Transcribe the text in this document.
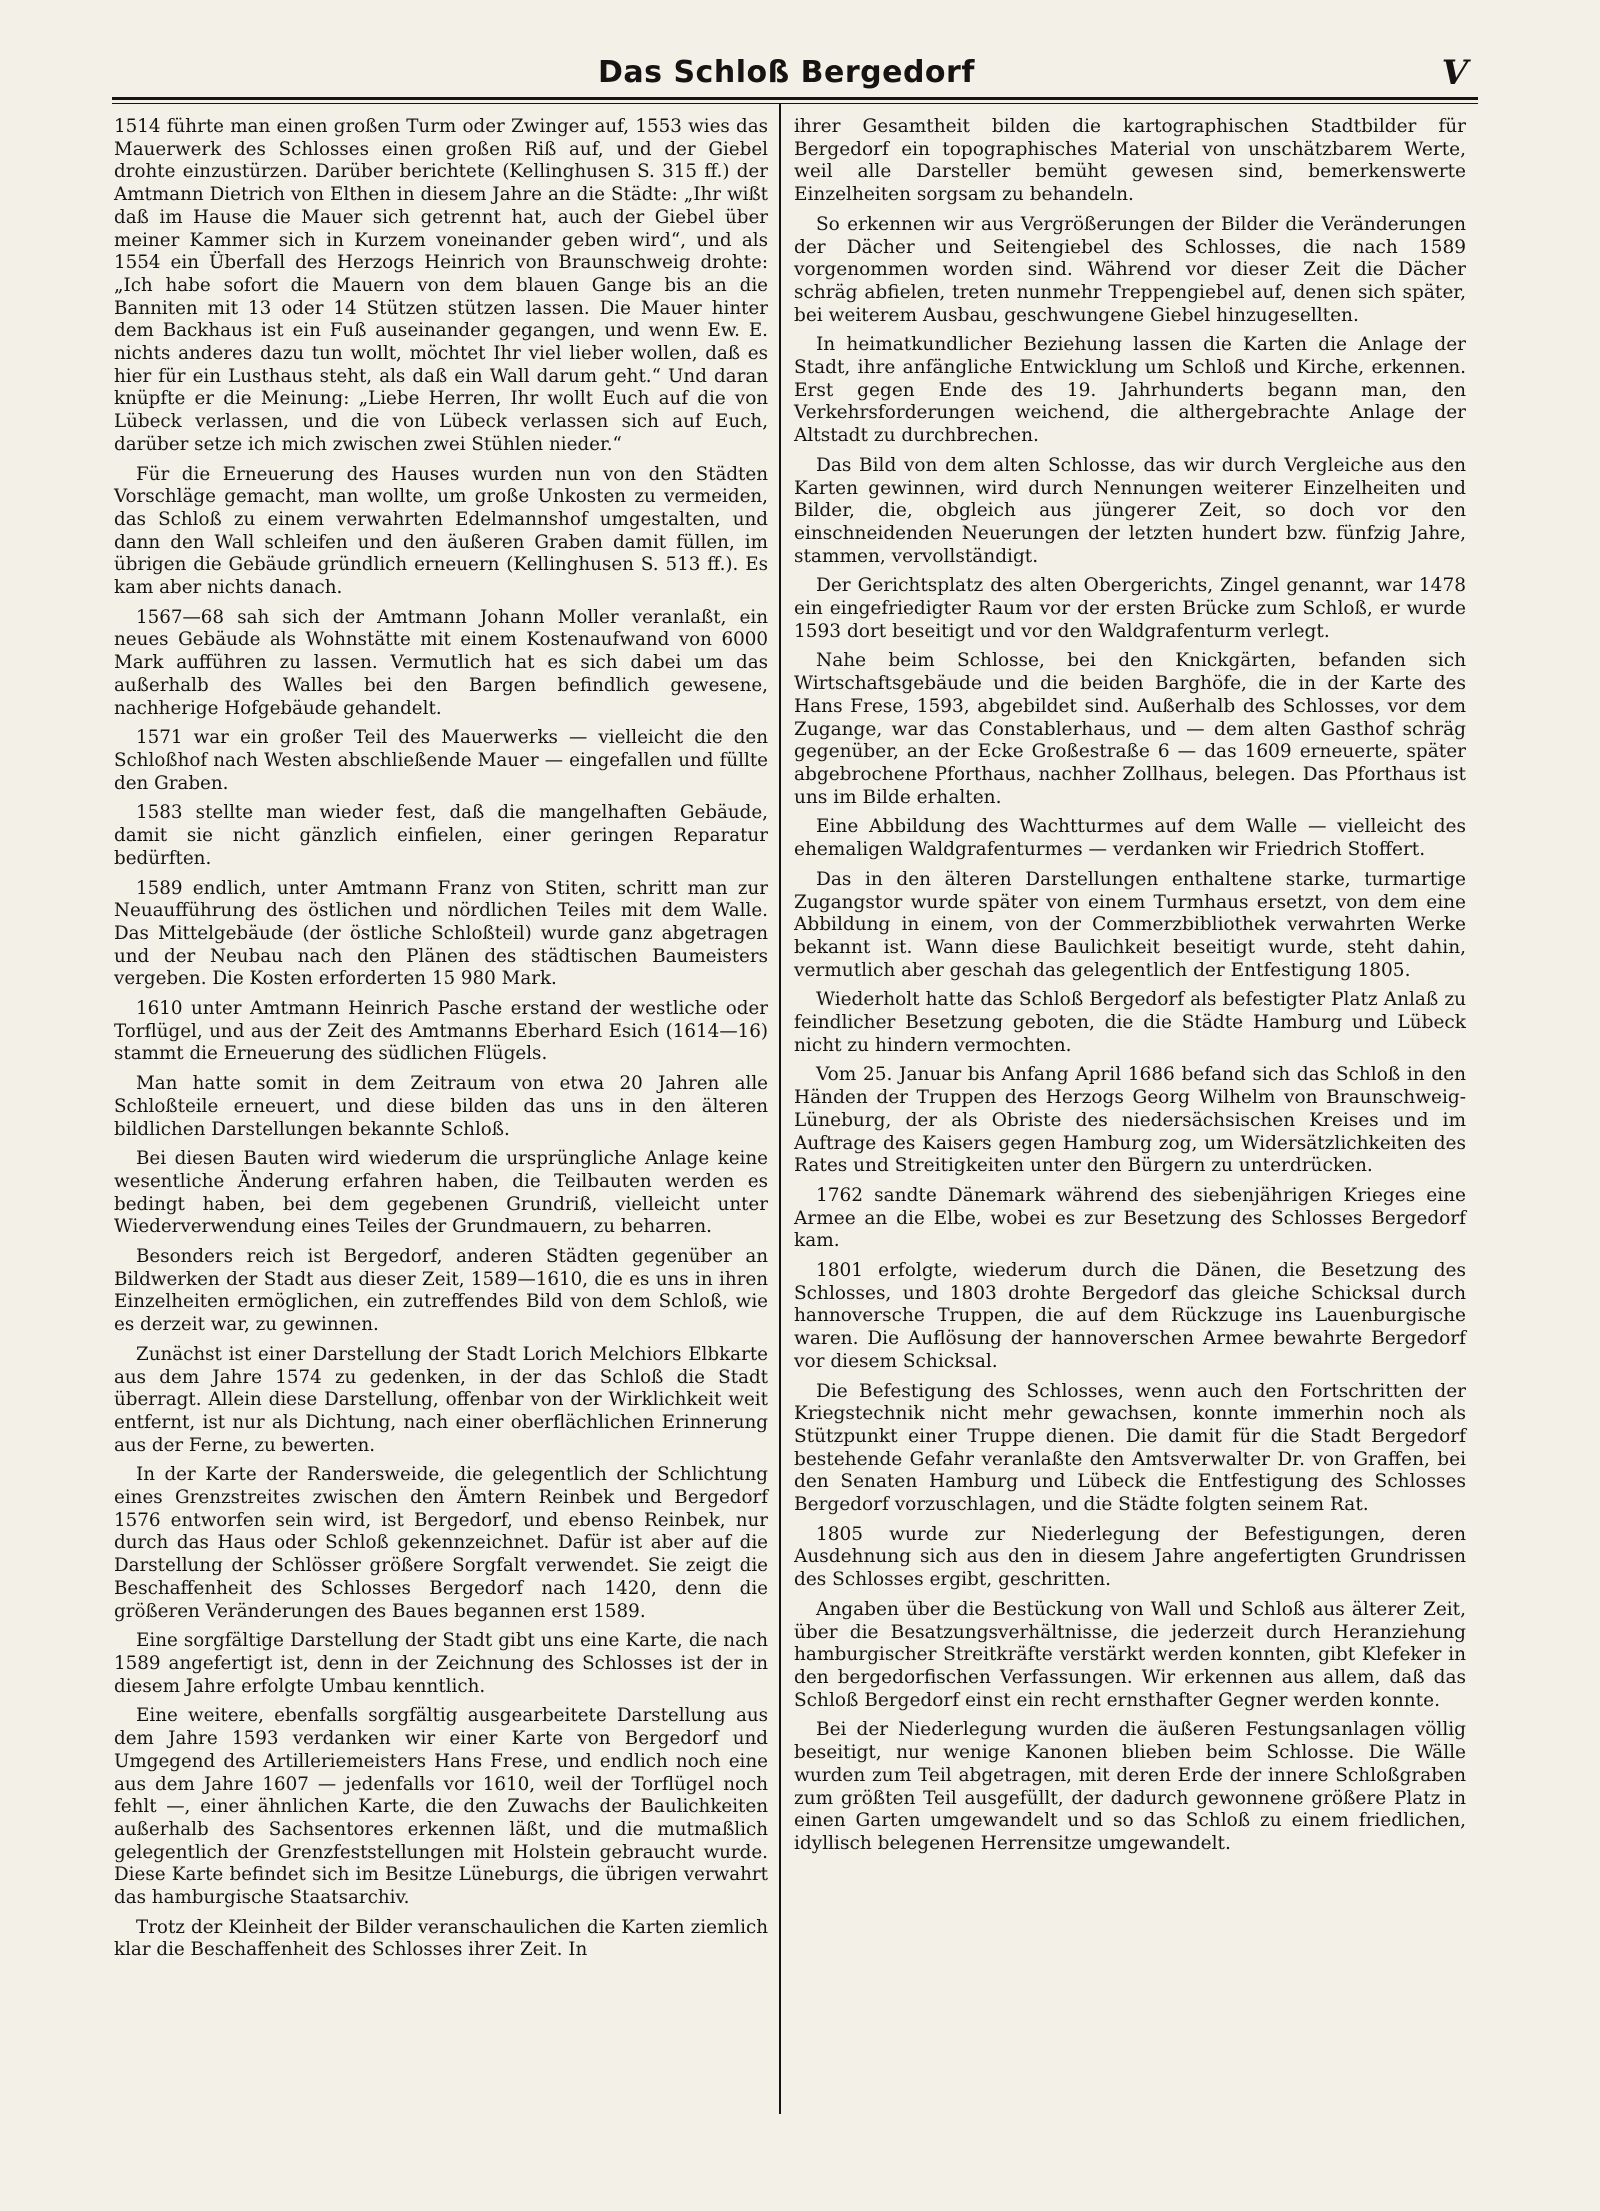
Das Schloß Bergedorf	V

1514 führte man einen großen Turm oder Zwinger auf, 1553 wies das Mauerwerk des Schlosses einen großen Riß auf, und der Giebel drohte einzustürzen. Darüber berichtete (Kellinghusen S. 315 ff.) der Amtmann Dietrich von Elthen in diesem Jahre an die Städte: „Ihr wißt daß im Hause die Mauer sich getrennt hat, auch der Giebel über meiner Kammer sich in Kurzem voneinander geben wird“, und als 1554 ein Überfall des Herzogs Heinrich von Braunschweig drohte: „Ich habe sofort die Mauern von dem blauen Gange bis an die Banniten mit 13 oder 14 Stützen stützen lassen. Die Mauer hinter dem Backhaus ist ein Fuß auseinander gegangen, und wenn Ew. E. nichts anderes dazu tun wollt, möchtet Ihr viel lieber wollen, daß es hier für ein Lusthaus steht, als daß ein Wall darum geht.“ Und daran knüpfte er die Meinung: „Liebe Herren, Ihr wollt Euch auf die von Lübeck verlassen, und die von Lübeck verlassen sich auf Euch, darüber setze ich mich zwischen zwei Stühlen nieder.“

Für die Erneuerung des Hauses wurden nun von den Städten Vorschläge gemacht, man wollte, um große Unkosten zu vermeiden, das Schloß zu einem verwahrten Edelmannshof umgestalten, und dann den Wall schleifen und den äußeren Graben damit füllen, im übrigen die Gebäude gründlich erneuern (Kellinghusen S. 513 ff.). Es kam aber nichts danach.

1567—68 sah sich der Amtmann Johann Moller veranlaßt, ein neues Gebäude als Wohnstätte mit einem Kostenaufwand von 6000 Mark aufführen zu lassen. Vermutlich hat es sich dabei um das außerhalb des Walles bei den Bargen befindlich gewesene, nachherige Hofgebäude gehandelt.

1571 war ein großer Teil des Mauerwerks — vielleicht die den Schloßhof nach Westen abschließende Mauer — eingefallen und füllte den Graben.

1583 stellte man wieder fest, daß die mangelhaften Gebäude, damit sie nicht gänzlich einfielen, einer geringen Reparatur bedürften.

1589 endlich, unter Amtmann Franz von Stiten, schritt man zur Neuaufführung des östlichen und nördlichen Teiles mit dem Walle. Das Mittelgebäude (der östliche Schloßteil) wurde ganz abgetragen und der Neubau nach den Plänen des städtischen Baumeisters vergeben. Die Kosten erforderten 15 980 Mark.

1610 unter Amtmann Heinrich Pasche erstand der westliche oder Torflügel, und aus der Zeit des Amtmanns Eberhard Esich (1614—16) stammt die Erneuerung des südlichen Flügels.

Man hatte somit in dem Zeitraum von etwa 20 Jahren alle Schloßteile erneuert, und diese bilden das uns in den älteren bildlichen Darstellungen bekannte Schloß.

Bei diesen Bauten wird wiederum die ursprüngliche Anlage keine wesentliche Änderung erfahren haben, die Teilbauten werden es bedingt haben, bei dem gegebenen Grundriß, vielleicht unter Wiederverwendung eines Teiles der Grundmauern, zu beharren.

Besonders reich ist Bergedorf, anderen Städten gegenüber an Bildwerken der Stadt aus dieser Zeit, 1589—1610, die es uns in ihren Einzelheiten ermöglichen, ein zutreffendes Bild von dem Schloß, wie es derzeit war, zu gewinnen.

Zunächst ist einer Darstellung der Stadt Lorich Melchiors Elbkarte aus dem Jahre 1574 zu gedenken, in der das Schloß die Stadt überragt. Allein diese Darstellung, offenbar von der Wirklichkeit weit entfernt, ist nur als Dichtung, nach einer oberflächlichen Erinnerung aus der Ferne, zu bewerten.

In der Karte der Randersweide, die gelegentlich der Schlichtung eines Grenzstreites zwischen den Ämtern Reinbek und Bergedorf 1576 entworfen sein wird, ist Bergedorf, und ebenso Reinbek, nur durch das Haus oder Schloß gekennzeichnet. Dafür ist aber auf die Darstellung der Schlösser größere Sorgfalt verwendet. Sie zeigt die Beschaffenheit des Schlosses Bergedorf nach 1420, denn die größeren Veränderungen des Baues begannen erst 1589.

Eine sorgfältige Darstellung der Stadt gibt uns eine Karte, die nach 1589 angefertigt ist, denn in der Zeichnung des Schlosses ist der in diesem Jahre erfolgte Umbau kenntlich.

Eine weitere, ebenfalls sorgfältig ausgearbeitete Darstellung aus dem Jahre 1593 verdanken wir einer Karte von Bergedorf und Umgegend des Artilleriemeisters Hans Frese, und endlich noch eine aus dem Jahre 1607 — jedenfalls vor 1610, weil der Torflügel noch fehlt —, einer ähnlichen Karte, die den Zuwachs der Baulichkeiten außerhalb des Sachsentores erkennen läßt, und die mutmaßlich gelegentlich der Grenzfeststellungen mit Holstein gebraucht wurde. Diese Karte befindet sich im Besitze Lüneburgs, die übrigen verwahrt das hamburgische Staatsarchiv.

Trotz der Kleinheit der Bilder veranschaulichen die Karten ziemlich klar die Beschaffenheit des Schlosses ihrer Zeit. In

ihrer Gesamtheit bilden die kartographischen Stadtbilder für Bergedorf ein topographisches Material von unschätzbarem Werte, weil alle Darsteller bemüht gewesen sind, bemerkenswerte Einzelheiten sorgsam zu behandeln.

So erkennen wir aus Vergrößerungen der Bilder die Veränderungen der Dächer und Seitengiebel des Schlosses, die nach 1589 vorgenommen worden sind. Während vor dieser Zeit die Dächer schräg abfielen, treten nunmehr Treppengiebel auf, denen sich später, bei weiterem Ausbau, geschwungene Giebel hinzugesellten.

In heimatkundlicher Beziehung lassen die Karten die Anlage der Stadt, ihre anfängliche Entwicklung um Schloß und Kirche, erkennen. Erst gegen Ende des 19. Jahrhunderts begann man, den Verkehrsforderungen weichend, die althergebrachte Anlage der Altstadt zu durchbrechen.

Das Bild von dem alten Schlosse, das wir durch Vergleiche aus den Karten gewinnen, wird durch Nennungen weiterer Einzelheiten und Bilder, die, obgleich aus jüngerer Zeit, so doch vor den einschneidenden Neuerungen der letzten hundert bzw. fünfzig Jahre, stammen, vervollständigt.

Der Gerichtsplatz des alten Obergerichts, Zingel genannt, war 1478 ein eingefriedigter Raum vor der ersten Brücke zum Schloß, er wurde 1593 dort beseitigt und vor den Waldgrafenturm verlegt.

Nahe beim Schlosse, bei den Knickgärten, befanden sich Wirtschaftsgebäude und die beiden Barghöfe, die in der Karte des Hans Frese, 1593, abgebildet sind. Außerhalb des Schlosses, vor dem Zugange, war das Constablerhaus, und — dem alten Gasthof schräg gegenüber, an der Ecke Großestraße 6 — das 1609 erneuerte, später abgebrochene Pforthaus, nachher Zollhaus, belegen. Das Pforthaus ist uns im Bilde erhalten.

Eine Abbildung des Wachtturmes auf dem Walle — vielleicht des ehemaligen Waldgrafenturmes — verdanken wir Friedrich Stoffert.

Das in den älteren Darstellungen enthaltene starke, turmartige Zugangstor wurde später von einem Turmhaus ersetzt, von dem eine Abbildung in einem, von der Commerzbibliothek verwahrten Werke bekannt ist. Wann diese Baulichkeit beseitigt wurde, steht dahin, vermutlich aber geschah das gelegentlich der Entfestigung 1805.

Wiederholt hatte das Schloß Bergedorf als befestigter Platz Anlaß zu feindlicher Besetzung geboten, die die Städte Hamburg und Lübeck nicht zu hindern vermochten.

Vom 25. Januar bis Anfang April 1686 befand sich das Schloß in den Händen der Truppen des Herzogs Georg Wilhelm von Braunschweig-Lüneburg, der als Obriste des niedersächsischen Kreises und im Auftrage des Kaisers gegen Hamburg zog, um Widersätzlichkeiten des Rates und Streitigkeiten unter den Bürgern zu unterdrücken.

1762 sandte Dänemark während des siebenjährigen Krieges eine Armee an die Elbe, wobei es zur Besetzung des Schlosses Bergedorf kam.

1801 erfolgte, wiederum durch die Dänen, die Besetzung des Schlosses, und 1803 drohte Bergedorf das gleiche Schicksal durch hannoversche Truppen, die auf dem Rückzuge ins Lauenburgische waren. Die Auflösung der hannoverschen Armee bewahrte Bergedorf vor diesem Schicksal.

Die Befestigung des Schlosses, wenn auch den Fortschritten der Kriegstechnik nicht mehr gewachsen, konnte immerhin noch als Stützpunkt einer Truppe dienen. Die damit für die Stadt Bergedorf bestehende Gefahr veranlaßte den Amtsverwalter Dr. von Graffen, bei den Senaten Hamburg und Lübeck die Entfestigung des Schlosses Bergedorf vorzuschlagen, und die Städte folgten seinem Rat.

1805 wurde zur Niederlegung der Befestigungen, deren Ausdehnung sich aus den in diesem Jahre angefertigten Grundrissen des Schlosses ergibt, geschritten.

Angaben über die Bestückung von Wall und Schloß aus älterer Zeit, über die Besatzungsverhältnisse, die jederzeit durch Heranziehung hamburgischer Streitkräfte verstärkt werden konnten, gibt Klefeker in den bergedorfischen Verfassungen. Wir erkennen aus allem, daß das Schloß Bergedorf einst ein recht ernsthafter Gegner werden konnte.

Bei der Niederlegung wurden die äußeren Festungsanlagen völlig beseitigt, nur wenige Kanonen blieben beim Schlosse. Die Wälle wurden zum Teil abgetragen, mit deren Erde der innere Schloßgraben zum größten Teil ausgefüllt, der dadurch gewonnene größere Platz in einen Garten umgewandelt und so das Schloß zu einem friedlichen, idyllisch belegenen Herrensitze umgewandelt.
